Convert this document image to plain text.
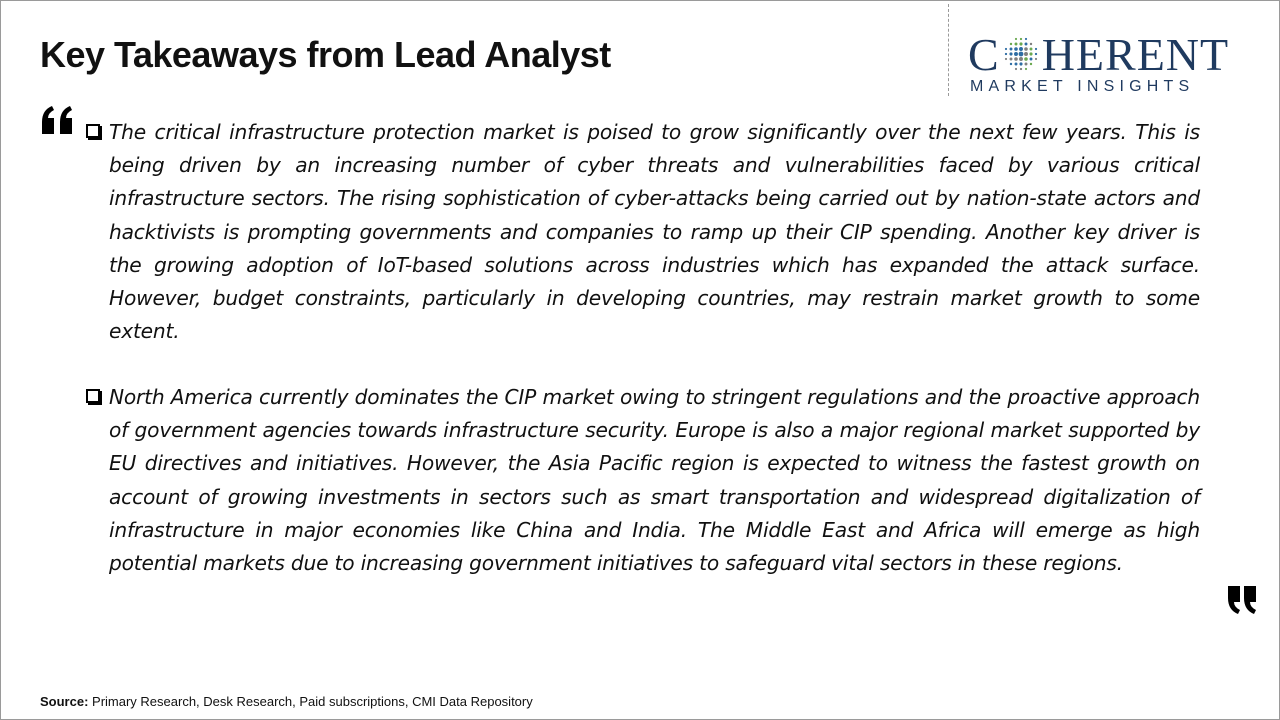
Key Takeaways from Lead Analyst	C HERENT
MARKET INSIGHTS
The critical infrastructure protection market is poised to grow significantly over the next few years. This is being driven by an increasing number of cyber threats and vulnerabilities faced by various critical infrastructure sectors. The rising sophistication of cyber-attacks being carried out by nation-state actors and hacktivists is prompting governments and companies to ramp up their CIP spending. Another key driver is the growing adoption of IoT-based solutions across industries which has expanded the attack surface. However, budget constraints, particularly in developing countries, may restrain market growth to some extent.
North America currently dominates the CIP market owing to stringent regulations and the proactive approach of government agencies towards infrastructure security. Europe is also a major regional market supported by EU directives and initiatives. However, the Asia Pacific region is expected to witness the fastest growth on account of growing investments in sectors such as smart transportation and widespread digitalization of infrastructure in major economies like China and India. The Middle East and Africa will emerge as high potential markets due to increasing government initiatives to safeguard vital sectors in these regions.
Source: Primary Research, Desk Research, Paid subscriptions, CMI Data Repository
